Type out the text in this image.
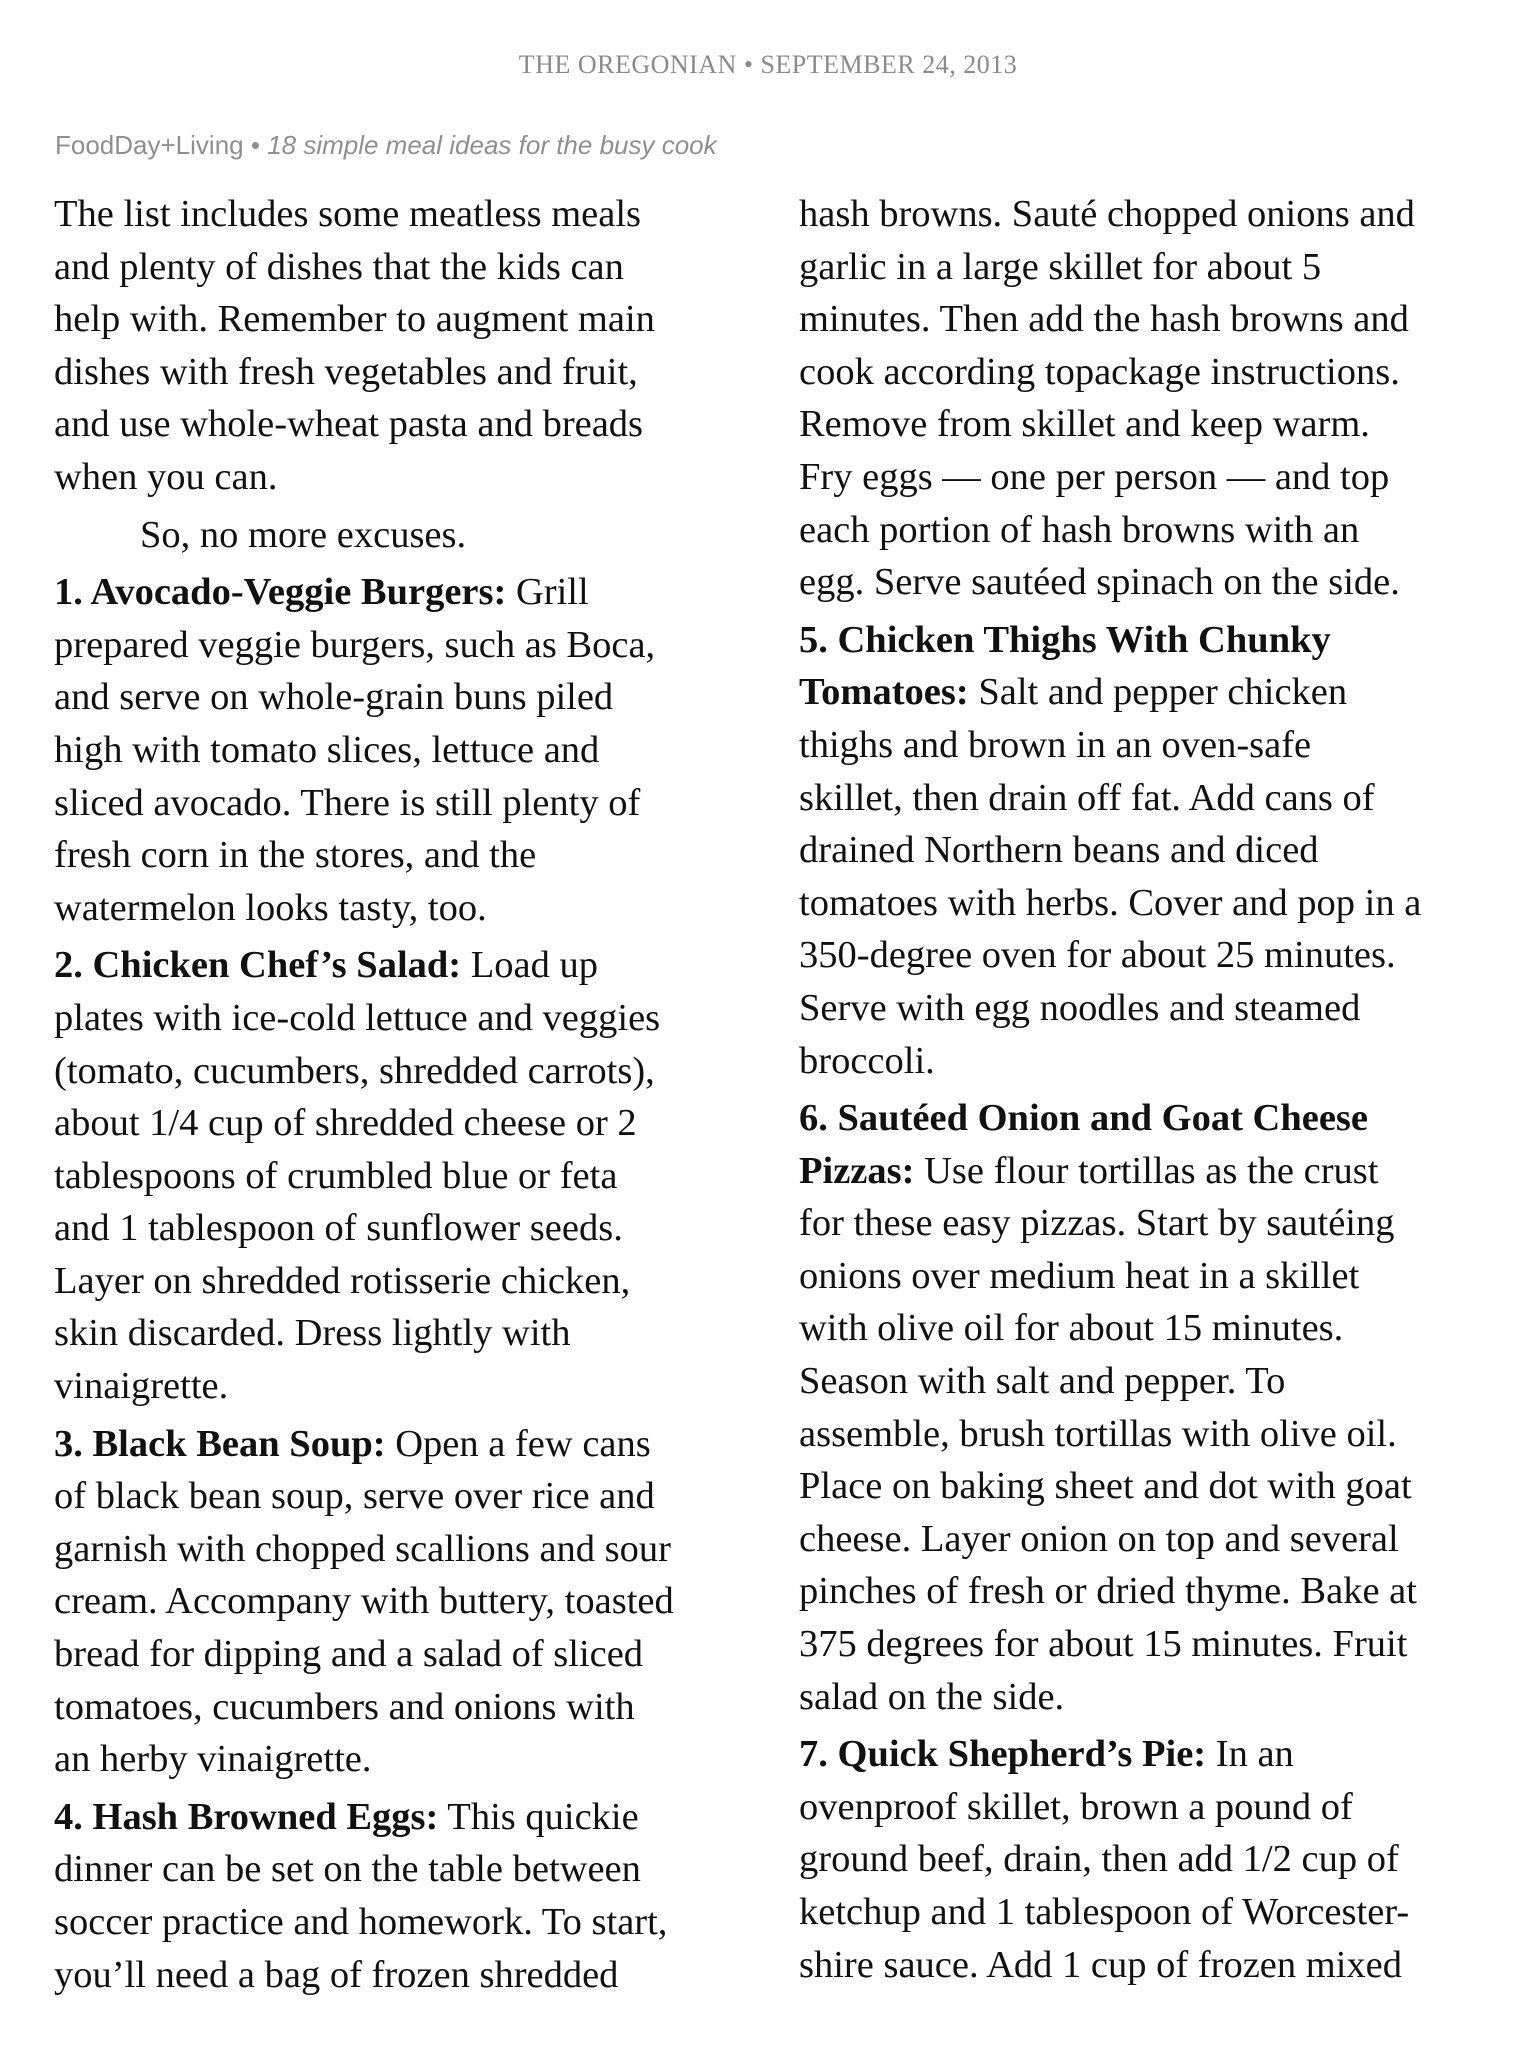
THE OREGONIAN • SEPTEMBER 24, 2013
FoodDay+Living • 18 simple meal ideas for the busy cook
The list includes some meatless meals
and plenty of dishes that the kids can
help with. Remember to augment main
dishes with fresh vegetables and fruit,
and use whole-wheat pasta and breads
when you can.
So, no more excuses.
1. Avocado-Veggie Burgers: Grill
prepared veggie burgers, such as Boca,
and serve on whole-grain buns piled
high with tomato slices, lettuce and
sliced avocado. There is still plenty of
fresh corn in the stores, and the
watermelon looks tasty, too.
2. Chicken Chef’s Salad: Load up
plates with ice-cold lettuce and veggies
(tomato, cucumbers, shredded carrots),
about 1/4 cup of shredded cheese or 2
tablespoons of crumbled blue or feta
and 1 tablespoon of sunflower seeds.
Layer on shredded rotisserie chicken,
skin discarded. Dress lightly with
vinaigrette.
3. Black Bean Soup: Open a few cans
of black bean soup, serve over rice and
garnish with chopped scallions and sour
cream. Accompany with buttery, toasted
bread for dipping and a salad of sliced
tomatoes, cucumbers and onions with
an herby vinaigrette.
4. Hash Browned Eggs: This quickie
dinner can be set on the table between
soccer practice and homework. To start,
you’ll need a bag of frozen shredded
hash browns. Sauté chopped onions and
garlic in a large skillet for about 5
minutes. Then add the hash browns and
cook according topackage instructions.
Remove from skillet and keep warm.
Fry eggs — one per person — and top
each portion of hash browns with an
egg. Serve sautéed spinach on the side.
5. Chicken Thighs With Chunky
Tomatoes: Salt and pepper chicken
thighs and brown in an oven-safe
skillet, then drain off fat. Add cans of
drained Northern beans and diced
tomatoes with herbs. Cover and pop in a
350-degree oven for about 25 minutes.
Serve with egg noodles and steamed
broccoli.
6. Sautéed Onion and Goat Cheese
Pizzas: Use flour tortillas as the crust
for these easy pizzas. Start by sautéing
onions over medium heat in a skillet
with olive oil for about 15 minutes.
Season with salt and pepper. To
assemble, brush tortillas with olive oil.
Place on baking sheet and dot with goat
cheese. Layer onion on top and several
pinches of fresh or dried thyme. Bake at
375 degrees for about 15 minutes. Fruit
salad on the side.
7. Quick Shepherd’s Pie: In an
ovenproof skillet, brown a pound of
ground beef, drain, then add 1/2 cup of
ketchup and 1 tablespoon of Worcester-
shire sauce. Add 1 cup of frozen mixed
